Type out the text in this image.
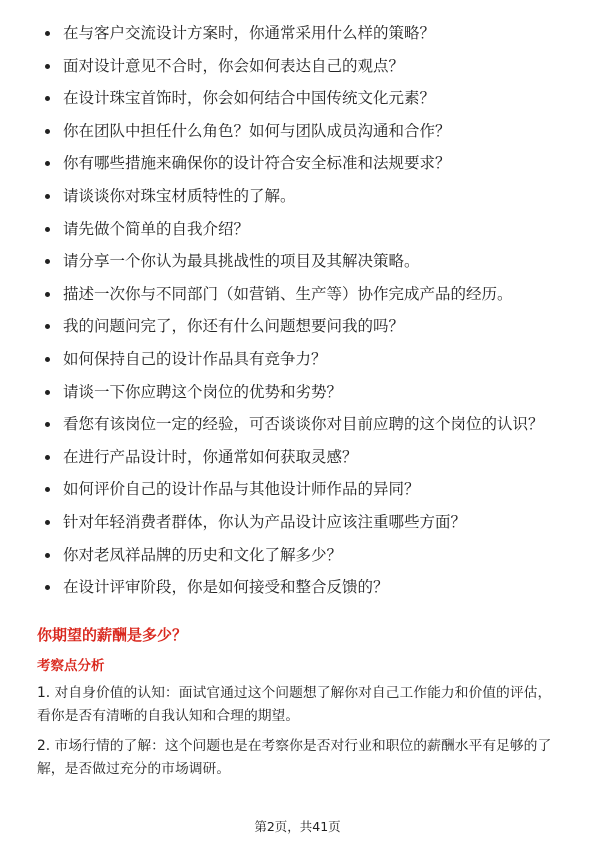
在与客户交流设计方案时，你通常采用什么样的策略？
面对设计意见不合时，你会如何表达自己的观点？
在设计珠宝首饰时，你会如何结合中国传统文化元素？
你在团队中担任什么角色？如何与团队成员沟通和合作？
你有哪些措施来确保你的设计符合安全标准和法规要求？
请谈谈你对珠宝材质特性的了解。
请先做个简单的自我介绍？
请分享一个你认为最具挑战性的项目及其解决策略。
描述一次你与不同部门（如营销、生产等）协作完成产品的经历。
我的问题问完了，你还有什么问题想要问我的吗？
如何保持自己的设计作品具有竞争力？
请谈一下你应聘这个岗位的优势和劣势？
看您有该岗位一定的经验，可否谈谈你对目前应聘的这个岗位的认识？
在进行产品设计时，你通常如何获取灵感？
如何评价自己的设计作品与其他设计师作品的异同？
针对年轻消费者群体，你认为产品设计应该注重哪些方面？
你对老凤祥品牌的历史和文化了解多少？
在设计评审阶段，你是如何接受和整合反馈的？
你期望的薪酬是多少？
考察点分析

1. 对自身价值的认知：面试官通过这个问题想了解你对自己工作能力和价值的评估，看你是否有清晰的自我认知和合理的期望。

2. 市场行情的了解：这个问题也是在考察你是否对行业和职位的薪酬水平有足够的了解，是否做过充分的市场调研。

第2页，共41页
